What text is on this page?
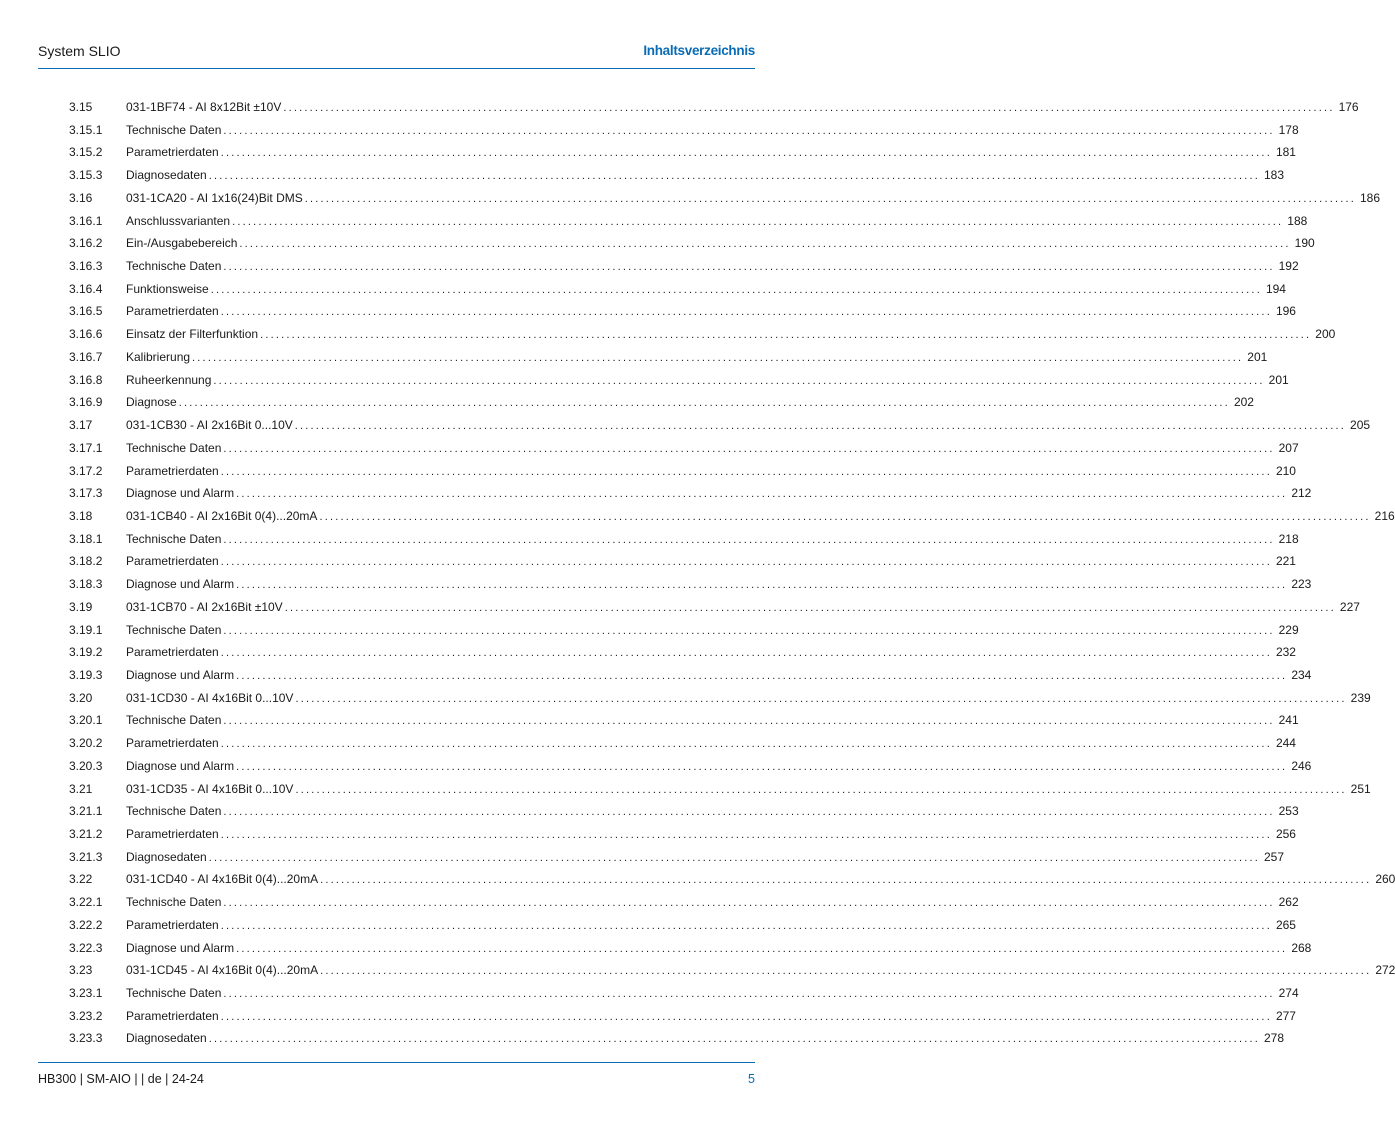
System SLIO	Inhaltsverzeichnis
3.15	031-1BF74 - AI 8x12Bit ±10V ........................................................................................................................................................................................................ 176
3.15.1	Technische Daten ........................................................................................................................................................................................................ 178
3.15.2	Parametrierdaten ........................................................................................................................................................................................................ 181
3.15.3	Diagnosedaten ........................................................................................................................................................................................................ 183
3.16	031-1CA20 - AI 1x16(24)Bit DMS ........................................................................................................................................................................................................ 186
3.16.1	Anschlussvarianten ........................................................................................................................................................................................................ 188
3.16.2	Ein-/Ausgabebereich ........................................................................................................................................................................................................ 190
3.16.3	Technische Daten ........................................................................................................................................................................................................ 192
3.16.4	Funktionsweise ........................................................................................................................................................................................................ 194
3.16.5	Parametrierdaten ........................................................................................................................................................................................................ 196
3.16.6	Einsatz der Filterfunktion ........................................................................................................................................................................................................ 200
3.16.7	Kalibrierung ........................................................................................................................................................................................................ 201
3.16.8	Ruheerkennung ........................................................................................................................................................................................................ 201
3.16.9	Diagnose ........................................................................................................................................................................................................ 202
3.17	031-1CB30 - AI 2x16Bit 0...10V ........................................................................................................................................................................................................ 205
3.17.1	Technische Daten ........................................................................................................................................................................................................ 207
3.17.2	Parametrierdaten ........................................................................................................................................................................................................ 210
3.17.3	Diagnose und Alarm ........................................................................................................................................................................................................ 212
3.18	031-1CB40 - AI 2x16Bit 0(4)...20mA ........................................................................................................................................................................................................ 216
3.18.1	Technische Daten ........................................................................................................................................................................................................ 218
3.18.2	Parametrierdaten ........................................................................................................................................................................................................ 221
3.18.3	Diagnose und Alarm ........................................................................................................................................................................................................ 223
3.19	031-1CB70 - AI 2x16Bit ±10V ........................................................................................................................................................................................................ 227
3.19.1	Technische Daten ........................................................................................................................................................................................................ 229
3.19.2	Parametrierdaten ........................................................................................................................................................................................................ 232
3.19.3	Diagnose und Alarm ........................................................................................................................................................................................................ 234
3.20	031-1CD30 - AI 4x16Bit 0...10V ........................................................................................................................................................................................................ 239
3.20.1	Technische Daten ........................................................................................................................................................................................................ 241
3.20.2	Parametrierdaten ........................................................................................................................................................................................................ 244
3.20.3	Diagnose und Alarm ........................................................................................................................................................................................................ 246
3.21	031-1CD35 - AI 4x16Bit 0...10V ........................................................................................................................................................................................................ 251
3.21.1	Technische Daten ........................................................................................................................................................................................................ 253
3.21.2	Parametrierdaten ........................................................................................................................................................................................................ 256
3.21.3	Diagnosedaten ........................................................................................................................................................................................................ 257
3.22	031-1CD40 - AI 4x16Bit 0(4)...20mA ........................................................................................................................................................................................................ 260
3.22.1	Technische Daten ........................................................................................................................................................................................................ 262
3.22.2	Parametrierdaten ........................................................................................................................................................................................................ 265
3.22.3	Diagnose und Alarm ........................................................................................................................................................................................................ 268
3.23	031-1CD45 - AI 4x16Bit 0(4)...20mA ........................................................................................................................................................................................................ 272
3.23.1	Technische Daten ........................................................................................................................................................................................................ 274
3.23.2	Parametrierdaten ........................................................................................................................................................................................................ 277
3.23.3	Diagnosedaten ........................................................................................................................................................................................................ 278
HB300 | SM-AIO | | de | 24-24	5
